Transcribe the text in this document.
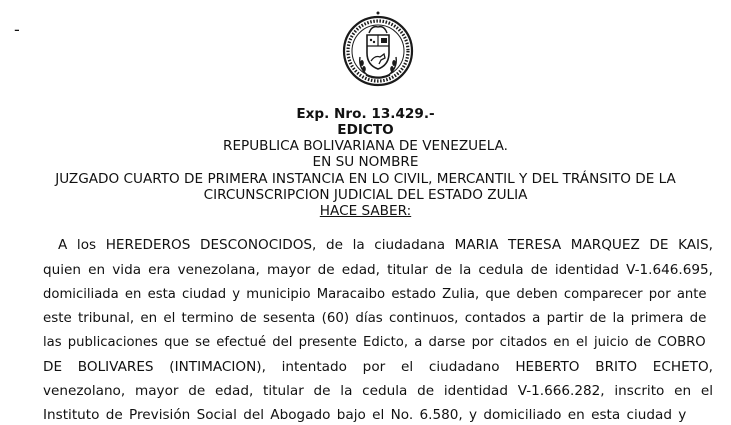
-
Exp. Nro. 13.429.-
EDICTO
REPUBLICA BOLIVARIANA DE VENEZUELA.
EN SU NOMBRE
JUZGADO CUARTO DE PRIMERA INSTANCIA EN LO CIVIL, MERCANTIL Y DEL TRÁNSITO DE LA
CIRCUNSCRIPCION JUDICIAL DEL ESTADO ZULIA
HACE SABER:
A los HEREDEROS DESCONOCIDOS, de la ciudadana MARIA TERESA MARQUEZ DE KAIS,
quien en vida era venezolana, mayor de edad, titular de la cedula de identidad V-1.646.695,
domiciliada en esta ciudad y municipio Maracaibo estado Zulia, que deben comparecer por ante
este tribunal, en el termino de sesenta (60) días continuos, contados a partir de la primera de
las publicaciones que se efectué del presente Edicto, a darse por citados en el juicio de COBRO
DE BOLIVARES (INTIMACION), intentado por el ciudadano HEBERTO BRITO ECHETO,
venezolano, mayor de edad, titular de la cedula de identidad V-1.666.282, inscrito en el
Instituto de Previsión Social del Abogado bajo el No. 6.580, y domiciliado en esta ciudad y
